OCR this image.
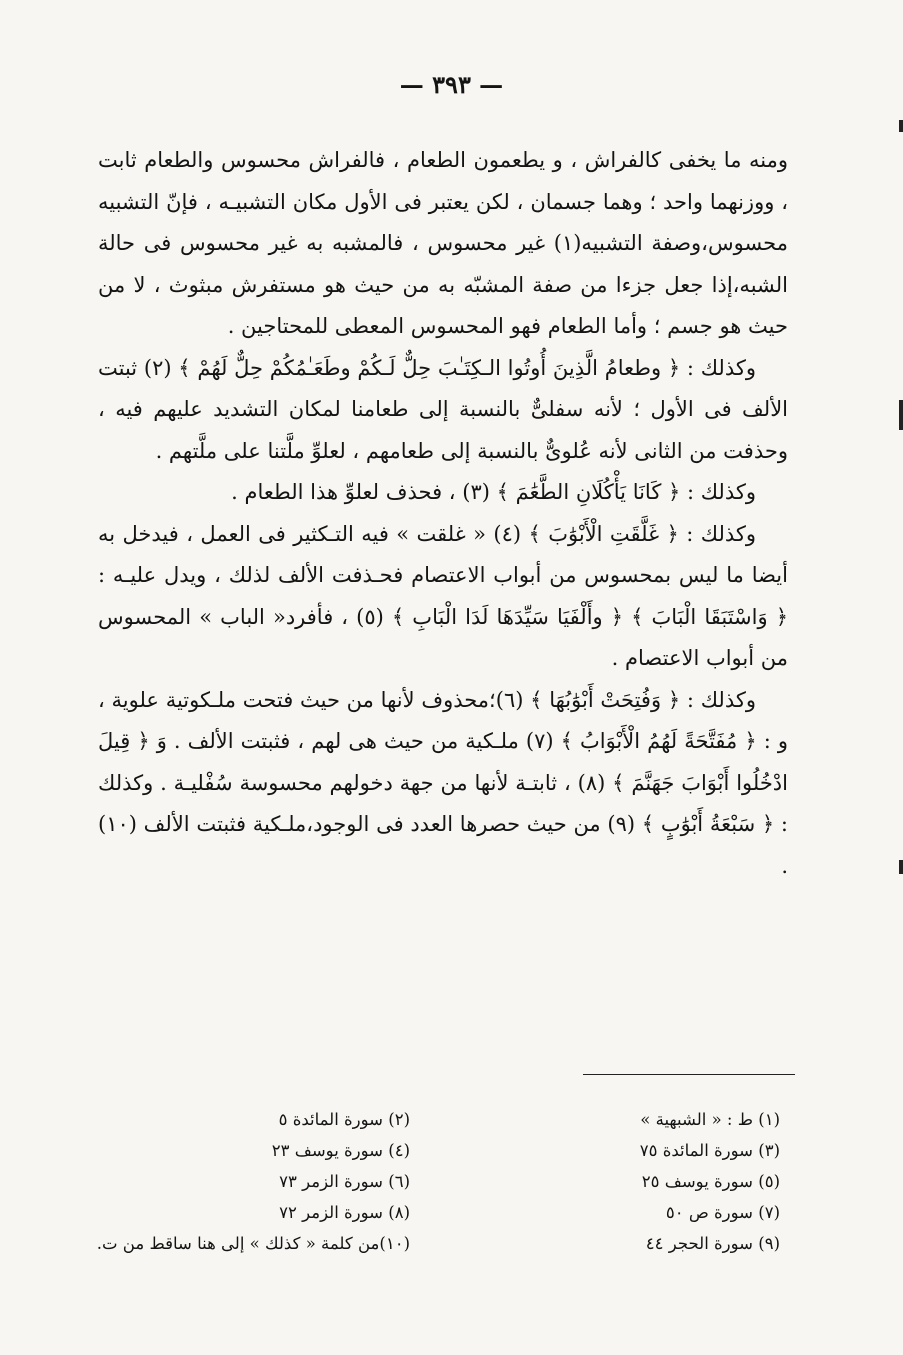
— ٣٩٣ —

ومنه ما يخفى كالفراش ، و يطعمون الطعام ، فالفراش محسوس والطعام ثابت ، ووزنهما واحد ؛ وهما جسمان ، لكن يعتبر فى الأول مكان التشبيـه ، فإنّ التشبيه محسوس،وصفة التشبيه(١) غير محسوس ، فالمشبه به غير محسوس فى حالة الشبه،إذا جعل جزءا من صفة المشبّه به من حيث هو مستفرش مبثوث ، لا من حيث هو جسم ؛ وأما الطعام فهو المحسوس المعطى للمحتاجين .

وكذلك : ﴿ وطعامُ الَّذِينَ أُوتُوا الـكِتَـٰبَ حِلٌّ لَـكُمْ وطَعَـٰمُكُمْ حِلٌّ لَهُمْ ﴾ (٢) ثبتت الألف فى الأول ؛ لأنه سفلىٌّ بالنسبة إلى طعامنا لمكان التشديد عليهم فيه ، وحذفت من الثانى لأنه عُلوىٌّ بالنسبة إلى طعامهم ، لعلوِّ ملَّتنا على ملَّتهم .

وكذلك : ﴿ كَانَا يَأْكُلَانِ الطَّعَٰمَ ﴾ (٣) ، فحذف لعلوِّ هذا الطعام .

وكذلك : ﴿ غَلَّقَتِ الْأَبْوَٰبَ ﴾ (٤) « غلقت » فيه التـكثير فى العمل ، فيدخل به أيضا ما ليس بمحسوس من أبواب الاعتصام فحـذفت الألف لذلك ، ويدل عليـه : ﴿ وَاسْتَبَقَا الْبَابَ ﴾ ﴿ وأَلْفَيَا سَيِّدَهَا لَدَا الْبَابِ ﴾ (٥) ، فأفرد« الباب » المحسوس من أبواب الاعتصام .

وكذلك : ﴿ وَفُتِحَتْ أَبْوَٰبُهَا ﴾ (٦)؛محذوف لأنها من حيث فتحت ملـكوتية علوية ، و : ﴿ مُفَتَّحَةً لَهُمُ الْأَبْوَابُ ﴾ (٧) ملـكية من حيث هى لهم ، فثبتت الألف . وَ ﴿ قِيلَ ادْخُلُوا أَبْوَابَ جَهَنَّمَ ﴾ (٨) ، ثابتـة لأنها من جهة دخولهم محسوسة سُفْليـة . وكذلك : ﴿ سَبْعَةُ أَبْوَٰبٍ ﴾ (٩) من حيث حصرها العدد فى الوجود،ملـكية فثبتت الألف (١٠) .

(١) ط : « الشبهية »
(٢) سورة المائدة ٥
(٣) سورة المائدة ٧٥
(٤) سورة يوسف ٢٣
(٥) سورة يوسف ٢٥
(٦) سورة الزمر ٧٣
(٧) سورة ص ٥٠
(٨) سورة الزمر ٧٢
(٩) سورة الحجر ٤٤
(١٠)من كلمة « كذلك » إلى هنا ساقط من ت.
